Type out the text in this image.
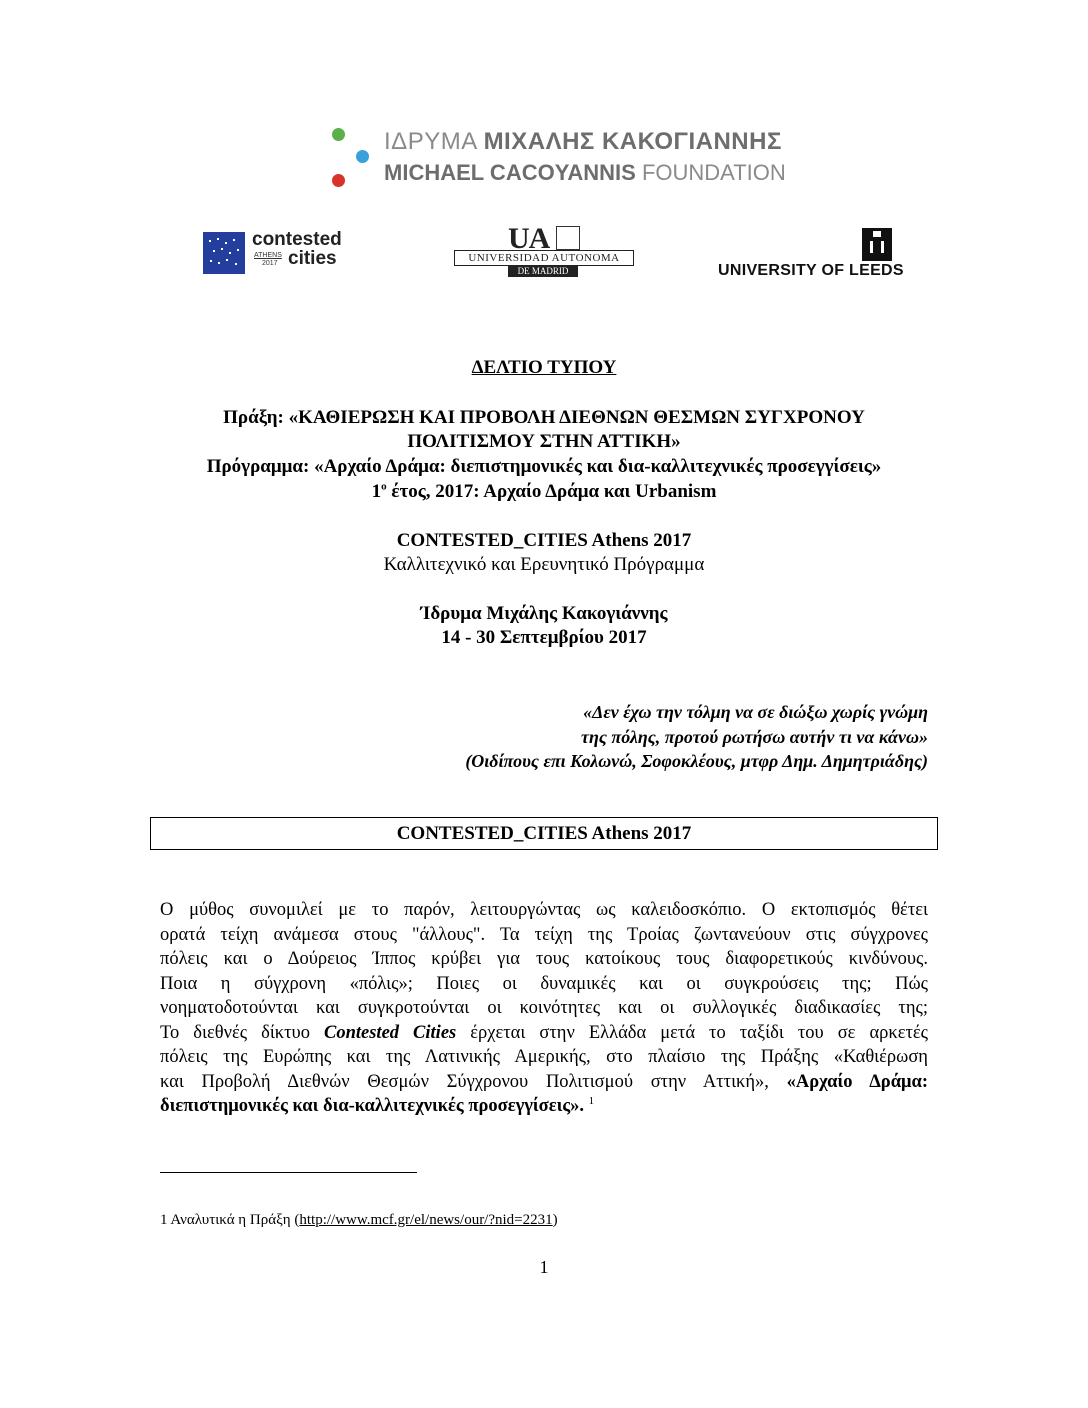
ΙΔΡΥΜΑ ΜΙΧΑΛΗΣ ΚΑΚΟΓΙΑΝΝΗΣ
MICHAEL CACOYANNIS FOUNDATION
contested
cities
ATHENS
2017
UA
UNIVERSIDAD AUTONOMA
DE MADRID	UNIVERSITY OF LEEDS
ΔΕΛΤΙΟ ΤΥΠΟΥ
Πράξη: «ΚΑΘΙΕΡΩΣΗ ΚΑΙ ΠΡΟΒΟΛΗ ΔΙΕΘΝΩΝ ΘΕΣΜΩΝ ΣΥΓΧΡΟΝΟΥ
ΠΟΛΙΤΙΣΜΟΥ ΣΤΗΝ ΑΤΤΙΚΗ»
Πρόγραμμα: «Αρχαίο Δράμα: διεπιστημονικές και δια-καλλιτεχνικές προσεγγίσεις»
$1^o$ έτος, 2017: Αρχαίο Δράμα και Urbanism
CONTESTED_CITIES Athens 2017
Καλλιτεχνικό και Ερευνητικό Πρόγραμμα
Ίδρυμα Μιχάλης Κακογιάννης
14 - 30 Σεπτεμβρίου 2017
«Δεν έχω την τόλμη να σε διώξω χωρίς γνώμη
της πόλης, προτού ρωτήσω αυτήν τι να κάνω»
(Οιδίπους επι Κολωνώ, Σοφοκλέους, μτφρ Δημ. Δημητριάδης)
CONTESTED_CITIES Athens 2017
Ο μύθος συνομιλεί με το παρόν, λειτουργώντας ως καλειδοσκόπιο. Ο εκτοπισμός θέτει
ορατά τείχη ανάμεσα στους "άλλους". Τα τείχη της Τροίας ζωντανεύουν στις σύγχρονες
πόλεις και ο Δούρειος Ίππος κρύβει για τους κατοίκους τους διαφορετικούς κινδύνους.
Ποια η σύγχρονη «πόλις»; Ποιες οι δυναμικές και οι συγκρούσεις της; Πώς
νοηματοδοτούνται και συγκροτούνται οι κοινότητες και οι συλλογικές διαδικασίες της;
Το διεθνές δίκτυο Contested Cities έρχεται στην Ελλάδα μετά το ταξίδι του σε αρκετές
πόλεις της Ευρώπης και της Λατινικής Αμερικής, στο πλαίσιο της Πράξης «Καθιέρωση
και Προβολή Διεθνών Θεσμών Σύγχρονου Πολιτισμού στην Αττική», «Αρχαίο Δράμα:
διεπιστημονικές και δια-καλλιτεχνικές προσεγγίσεις». $^1$
1 Αναλυτικά η Πράξη (http://www.mcf.gr/el/news/our/?nid=2231)
1
